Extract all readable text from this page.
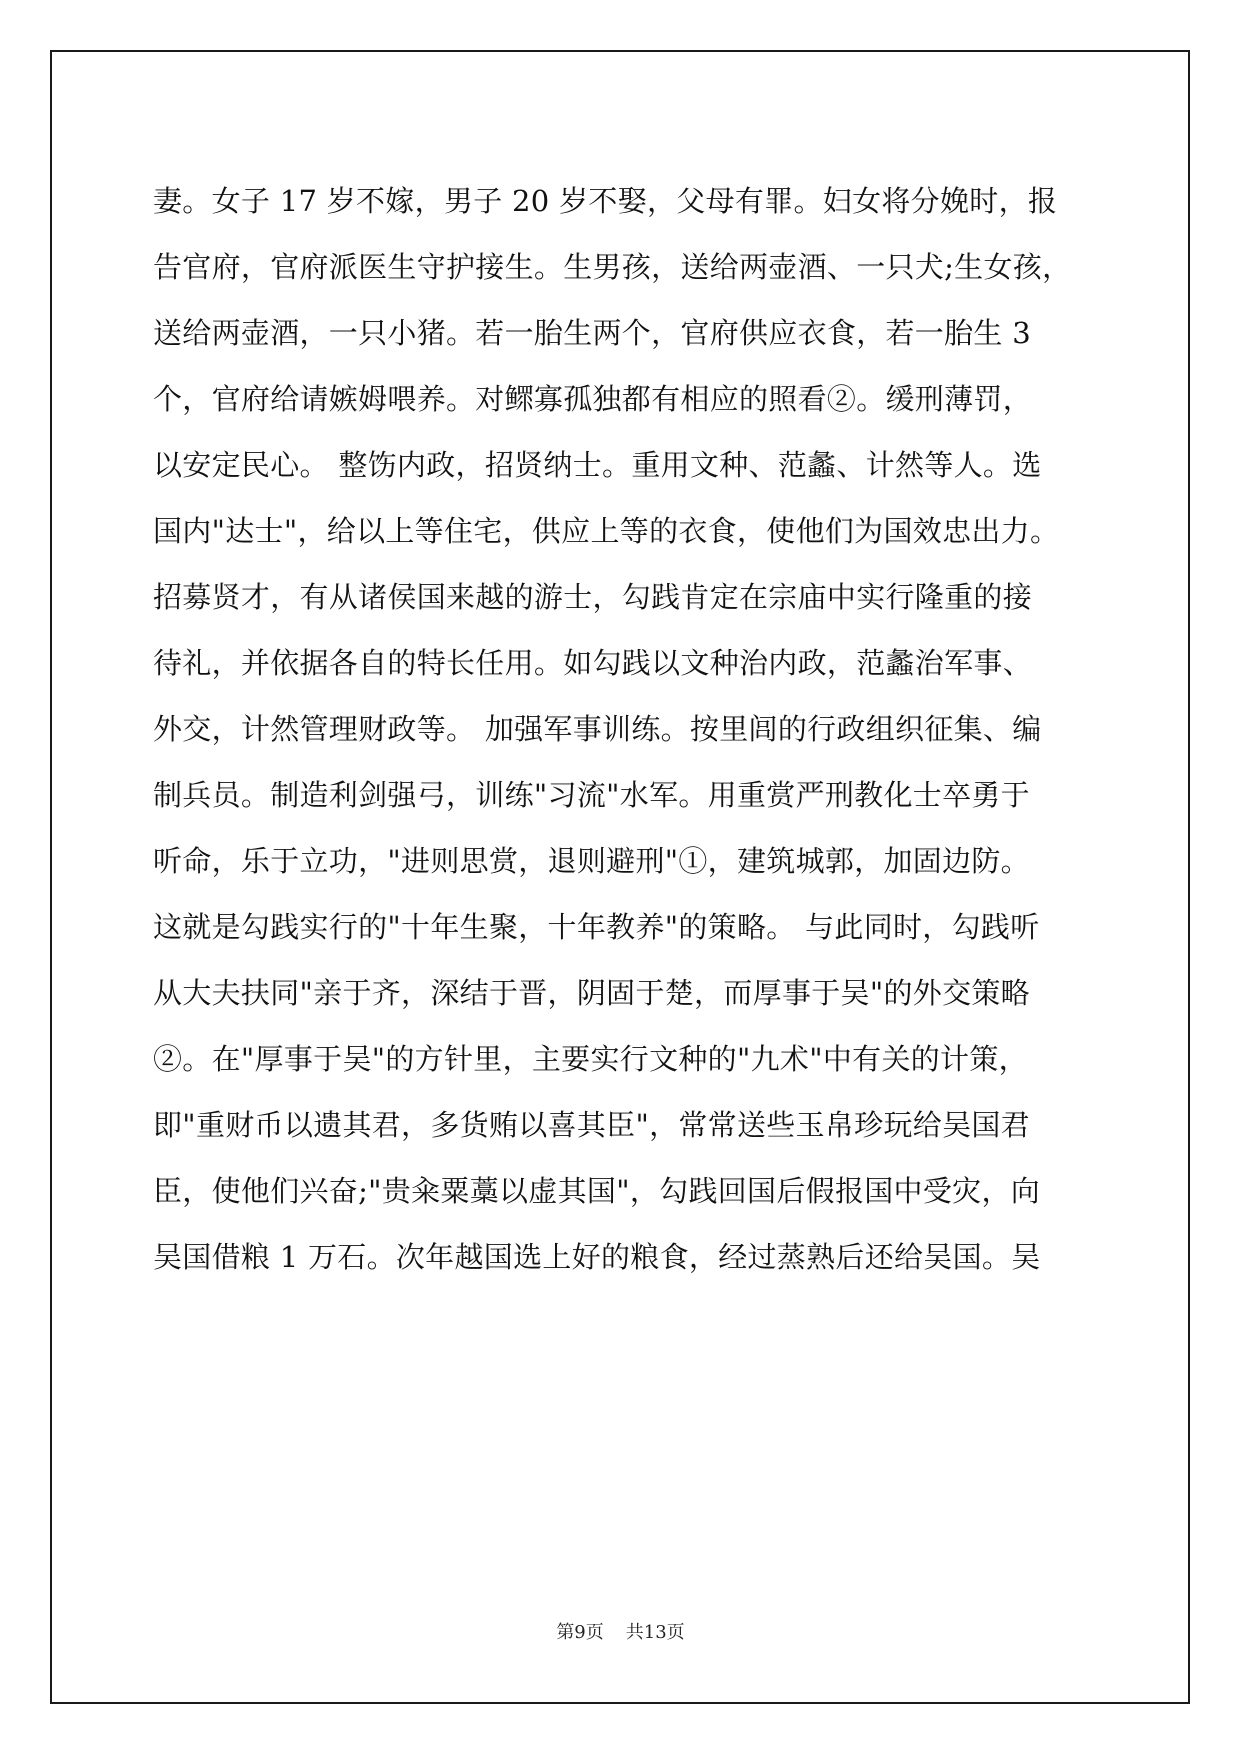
妻。女子 17 岁不嫁，男子 20 岁不娶，父母有罪。妇女将分娩时，报
告官府，官府派医生守护接生。生男孩，送给两壶酒、一只犬;生女孩，
送给两壶酒，一只小猪。若一胎生两个，官府供应衣食，若一胎生 3
个，官府给请嫉姆喂养。对鳏寡孤独都有相应的照看②。缓刑薄罚，
以安定民心。 整饬内政，招贤纳士。重用文种、范蠡、计然等人。选
国内"达士"，给以上等住宅，供应上等的衣食，使他们为国效忠出力。
招募贤才，有从诸侯国来越的游士，勾践肯定在宗庙中实行隆重的接
待礼，并依据各自的特长任用。如勾践以文种治内政，范蠡治军事、
外交，计然管理财政等。 加强军事训练。按里闾的行政组织征集、编
制兵员。制造利剑强弓，训练"习流"水军。用重赏严刑教化士卒勇于
听命，乐于立功，"进则思赏，退则避刑"①，建筑城郭，加固边防。
这就是勾践实行的"十年生聚，十年教养"的策略。 与此同时，勾践听
从大夫扶同"亲于齐，深结于晋，阴固于楚，而厚事于吴"的外交策略
②。在"厚事于吴"的方针里，主要实行文种的"九术"中有关的计策，
即"重财币以遗其君，多货贿以喜其臣"，常常送些玉帛珍玩给吴国君
臣，使他们兴奋;"贵籴粟藁以虚其国"，勾践回国后假报国中受灾，向
吴国借粮 1 万石。次年越国选上好的粮食，经过蒸熟后还给吴国。吴
第9页 共13页
